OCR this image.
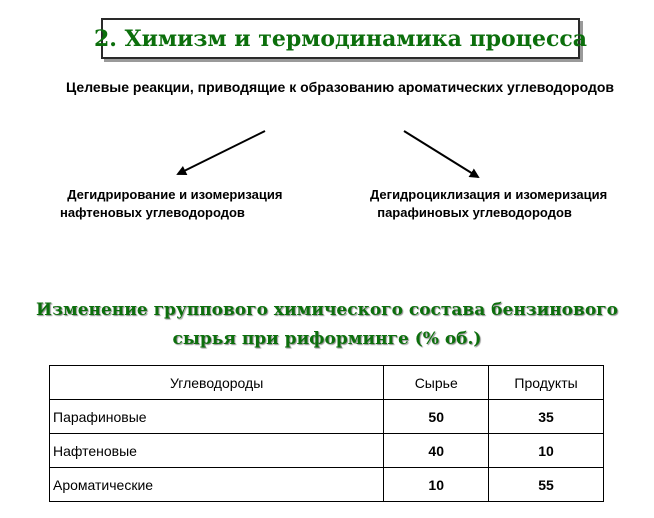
2. Химизм и термодинамика процесса
Целевые реакции, приводящие к образованию ароматических углеводородов
Дегидрирование и изомеризация
нафтеновых углеводородов
Дегидроциклизация и изомеризация
парафиновых углеводородов
Изменение группового химического состава бензинового
сырья при риформинге (% об.)
Углеводороды	Сырье	Продукты
Парафиновые	50	35
Нафтеновые	40	10
Ароматические	10	55
